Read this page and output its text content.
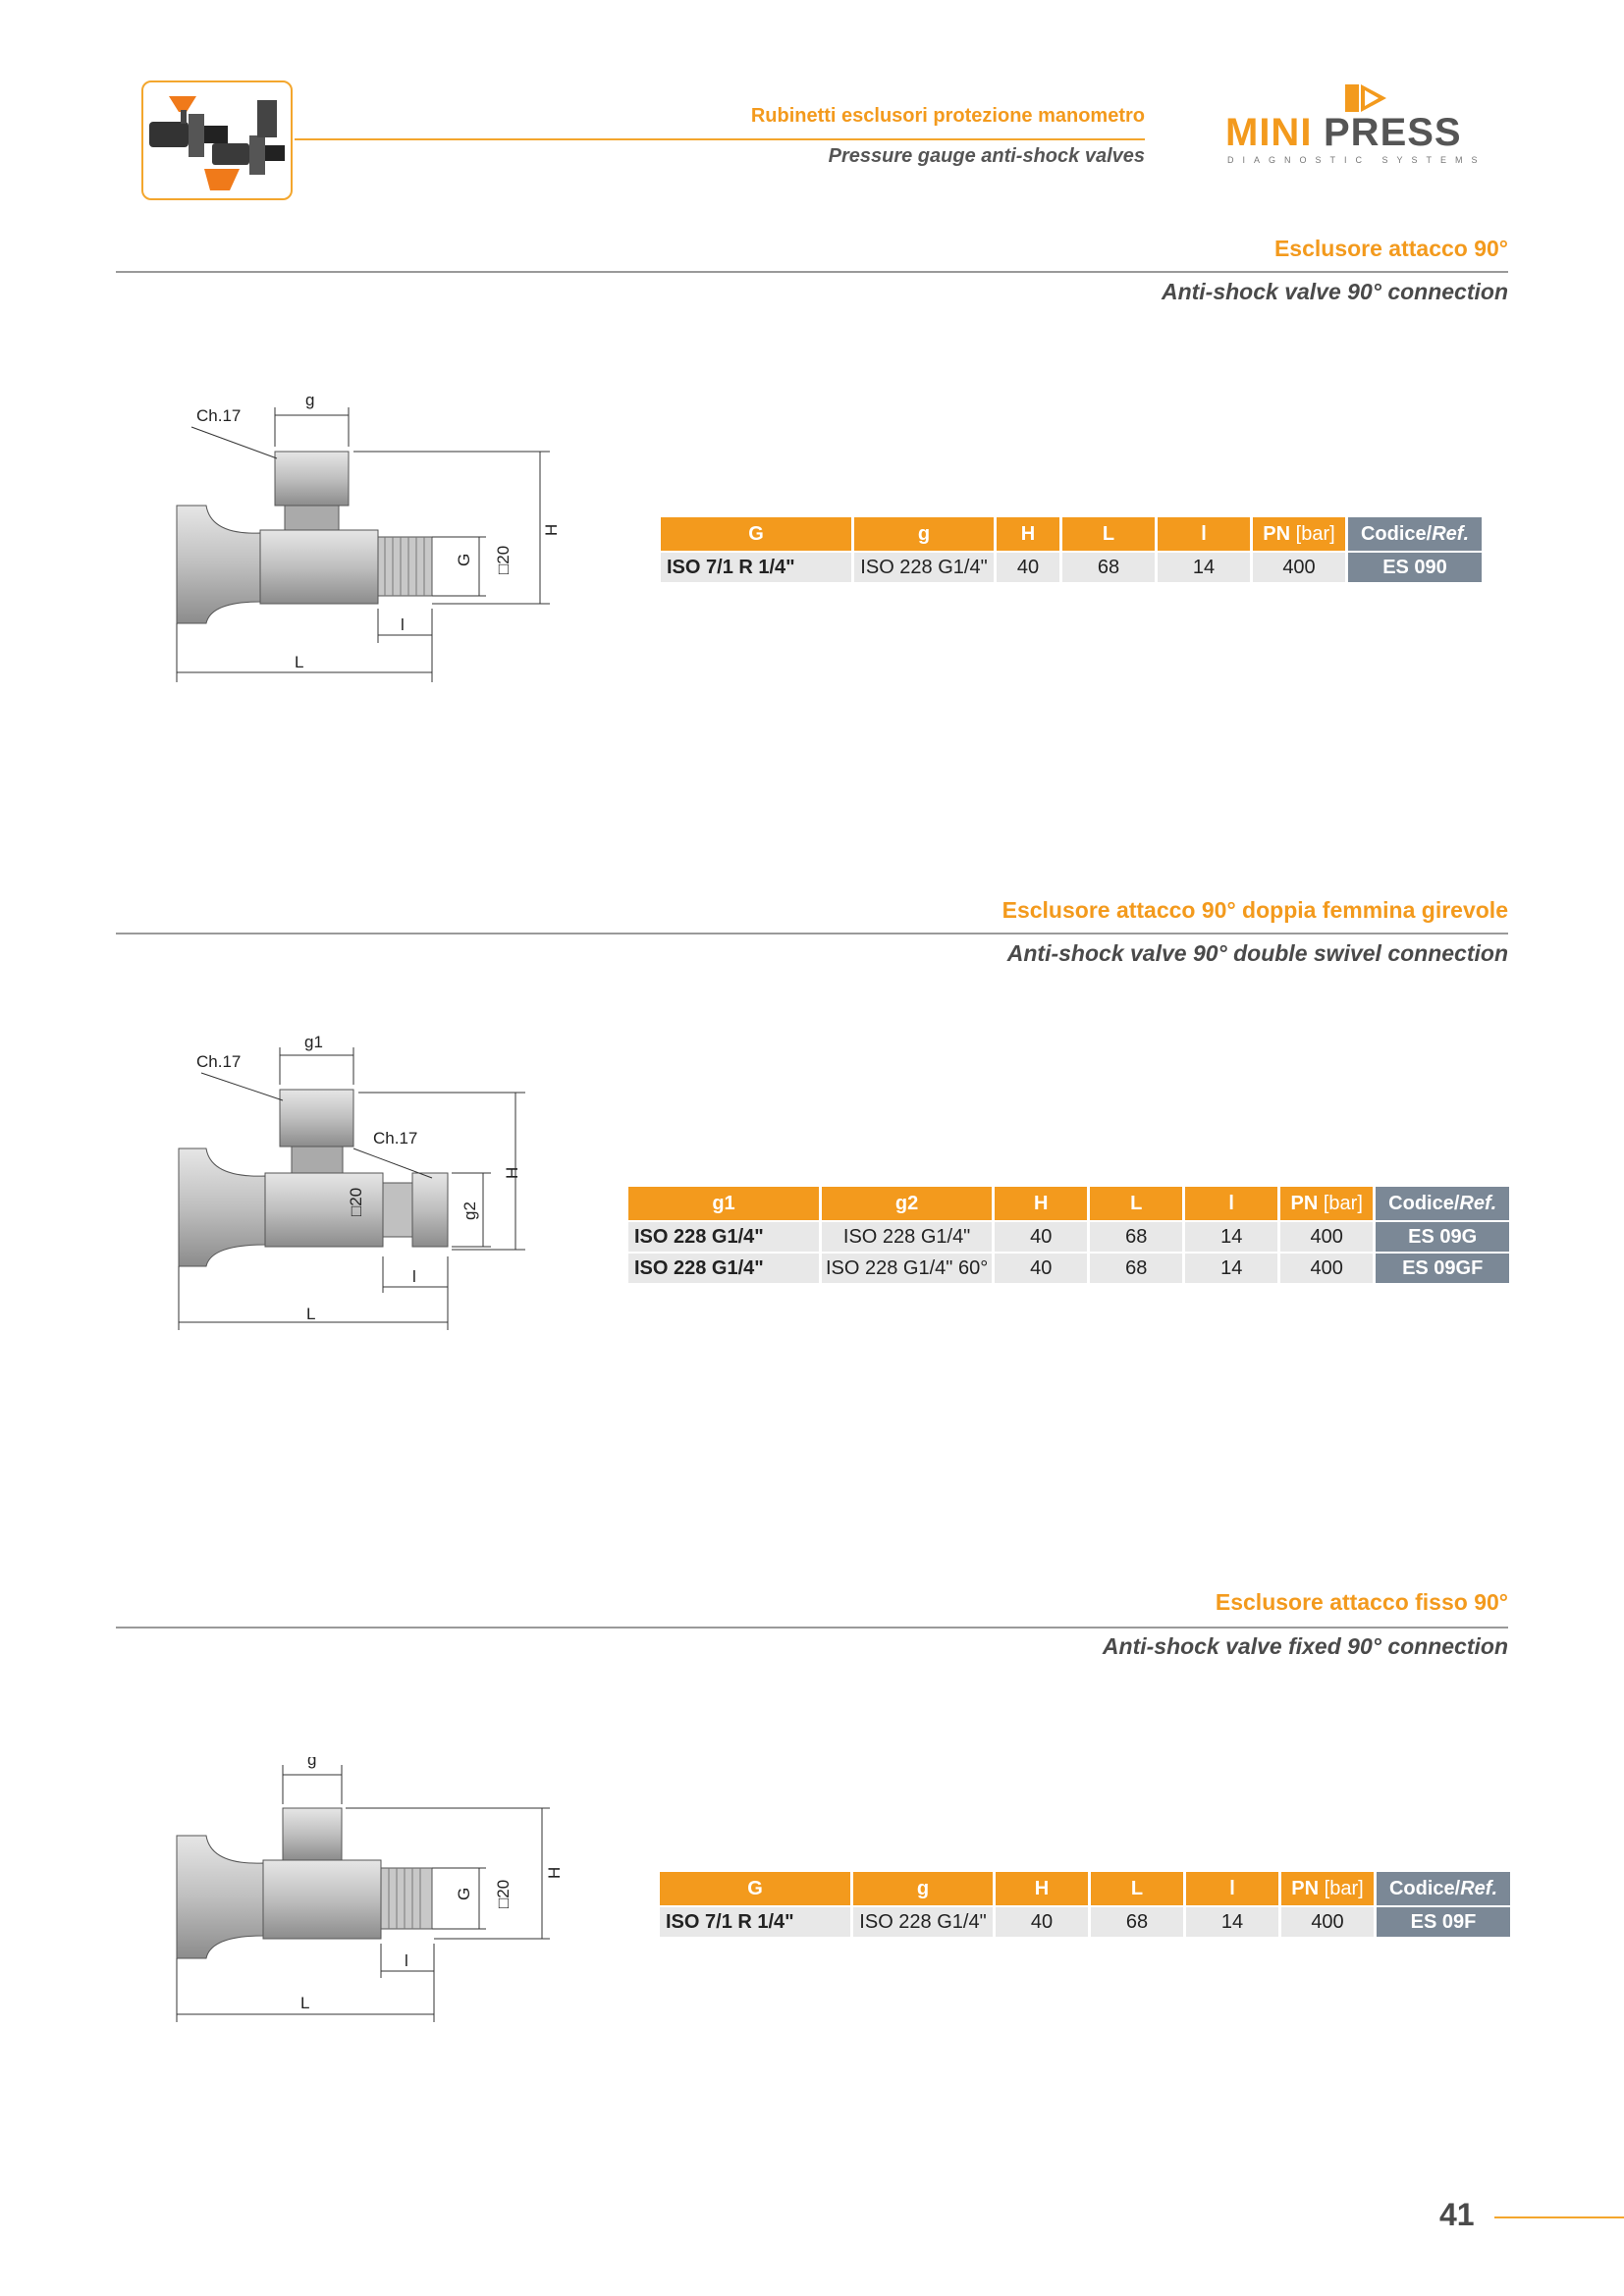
Rubinetti esclusori protezione manometro
Pressure gauge anti-shock valves
MINI PRESS
DIAGNOSTIC SYSTEMS
Esclusore attacco 90°
Anti-shock valve 90° connection
Ch.17
g
H
L
l
G □20
G	g	H	L	l	PN [bar]	Codice/Ref.
ISO 7/1 R 1/4"	ISO 228 G1/4"	40	68	14	400	ES 090
Esclusore attacco 90° doppia femmina girevole
Anti-shock valve 90° double swivel connection
g1
Ch.17
Ch.17
H
g2
□20
L
l
g1	g2	H	L	l	PN [bar]	Codice/Ref.
ISO 228 G1/4"	ISO 228 G1/4"	40	68	14	400	ES 09G
ISO 228 G1/4"	ISO 228 G1/4" 60°	40	68	14	400	ES 09GF
Esclusore attacco fisso 90°
Anti-shock valve fixed 90° connection
g
H
G □20
L
l
G	g	H	L	l	PN [bar]	Codice/Ref.
ISO 7/1 R 1/4"	ISO 228 G1/4"	40	68	14	400	ES 09F
41
